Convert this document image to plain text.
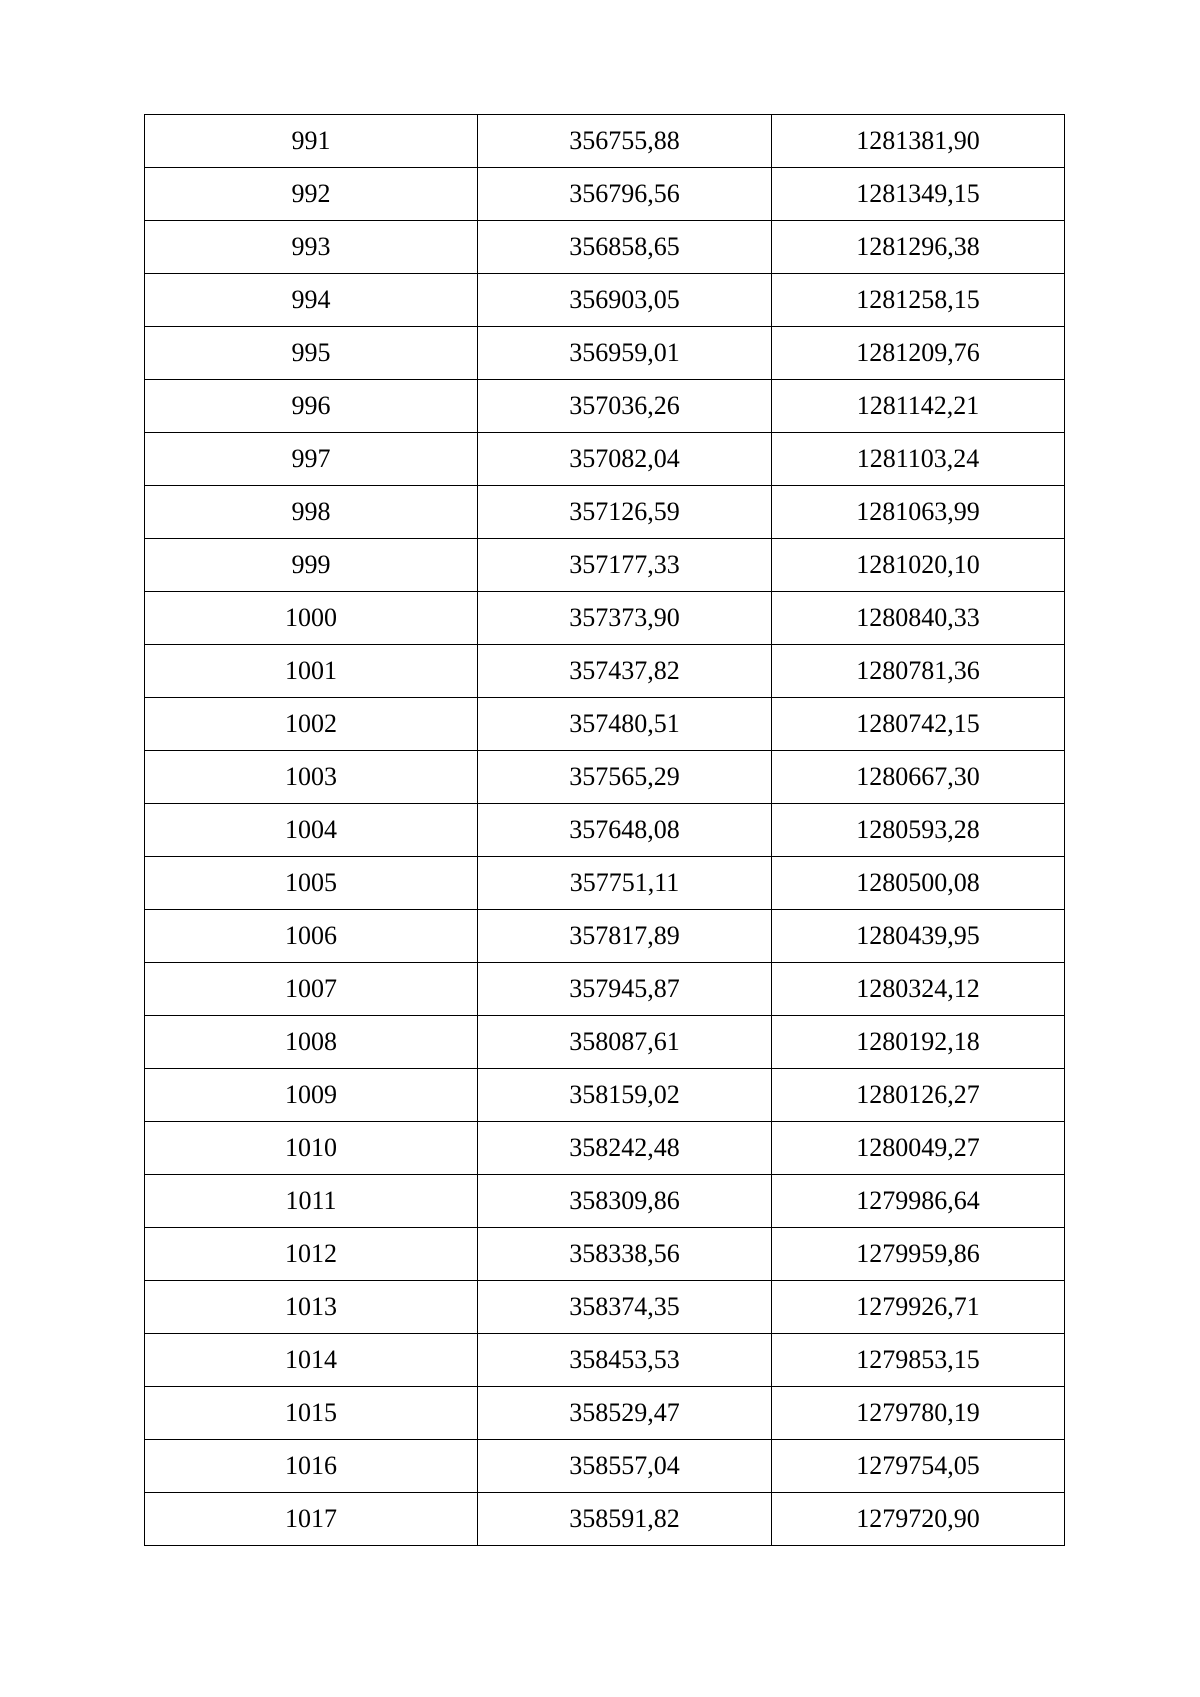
991	356755,88	1281381,90
992	356796,56	1281349,15
993	356858,65	1281296,38
994	356903,05	1281258,15
995	356959,01	1281209,76
996	357036,26	1281142,21
997	357082,04	1281103,24
998	357126,59	1281063,99
999	357177,33	1281020,10
1000	357373,90	1280840,33
1001	357437,82	1280781,36
1002	357480,51	1280742,15
1003	357565,29	1280667,30
1004	357648,08	1280593,28
1005	357751,11	1280500,08
1006	357817,89	1280439,95
1007	357945,87	1280324,12
1008	358087,61	1280192,18
1009	358159,02	1280126,27
1010	358242,48	1280049,27
1011	358309,86	1279986,64
1012	358338,56	1279959,86
1013	358374,35	1279926,71
1014	358453,53	1279853,15
1015	358529,47	1279780,19
1016	358557,04	1279754,05
1017	358591,82	1279720,90
